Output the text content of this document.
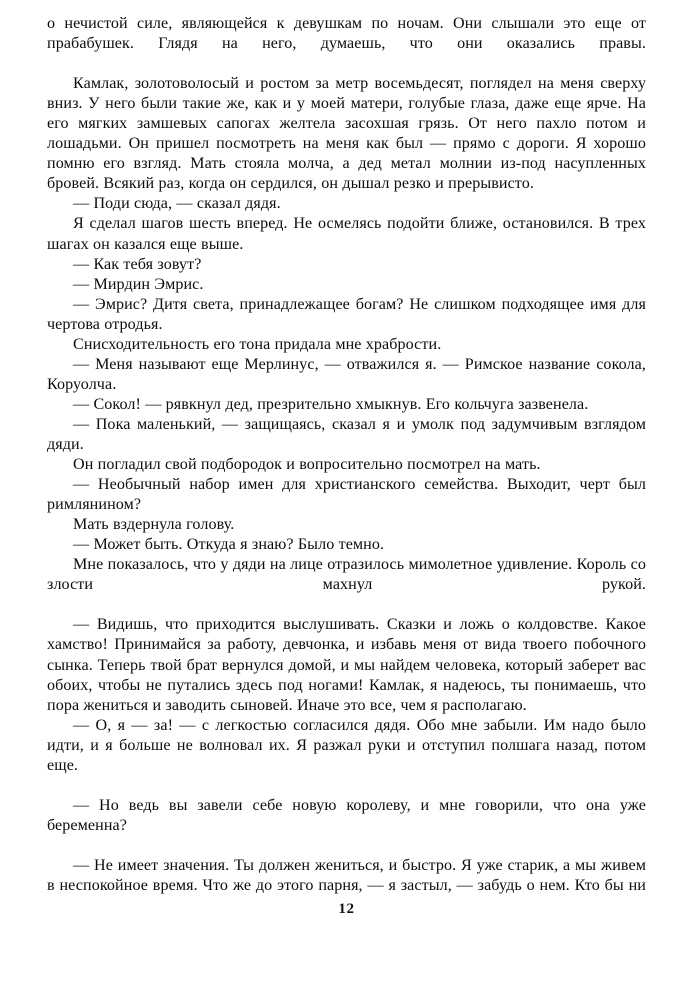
о нечистой силе, являющейся к девушкам по ночам. Они слышали это еще от прабабушек. Глядя на него, думаешь, что они оказались правы.

Камлак, золотоволосый и ростом за метр восемьдесят, поглядел на меня сверху вниз. У него были такие же, как и у моей матери, голубые глаза, даже еще ярче. На его мягких замшевых сапогах желтела засохшая грязь. От него пахло потом и лошадьми. Он пришел посмотреть на меня как был — прямо с дороги. Я хорошо помню его взгляд. Мать стояла молча, а дед метал молнии из-под насупленных бровей. Всякий раз, когда он сердился, он дышал резко и прерывисто.

— Поди сюда, — сказал дядя.

Я сделал шагов шесть вперед. Не осмелясь подойти ближе, остановился. В трех шагах он казался еще выше.

— Как тебя зовут?

— Мирдин Эмрис.

— Эмрис? Дитя света, принадлежащее богам? Не слишком подходящее имя для чертова отродья.

Снисходительность его тона придала мне храбрости.

— Меня называют еще Мерлинус, — отважился я. — Римское название сокола, Коруолча.

— Сокол! — рявкнул дед, презрительно хмыкнув. Его кольчуга зазвенела.

— Пока маленький, — защищаясь, сказал я и умолк под задумчивым взглядом дяди.

Он погладил свой подбородок и вопросительно посмотрел на мать.

— Необычный набор имен для христианского семейства. Выходит, черт был римлянином?

Мать вздернула голову.

— Может быть. Откуда я знаю? Было темно.

Мне показалось, что у дяди на лице отразилось мимолетное удивление. Король со злости махнул рукой.

— Видишь, что приходится выслушивать. Сказки и ложь о колдовстве. Какое хамство! Принимайся за работу, девчонка, и избавь меня от вида твоего побочного сынка. Теперь твой брат вернулся домой, и мы найдем человека, который заберет вас обоих, чтобы не путались здесь под ногами! Камлак, я надеюсь, ты понимаешь, что пора жениться и заводить сыновей. Иначе это все, чем я располагаю.

— О, я — за! — с легкостью согласился дядя. Обо мне забыли. Им надо было идти, и я больше не волновал их. Я разжал руки и отступил полшага назад, потом еще.

— Но ведь вы завели себе новую королеву, и мне говорили, что она уже беременна?

— Не имеет значения. Ты должен жениться, и быстро. Я уже старик, а мы живем в неспокойное время. Что же до этого парня, — я застыл, — забудь о нем. Кто бы ни

12
